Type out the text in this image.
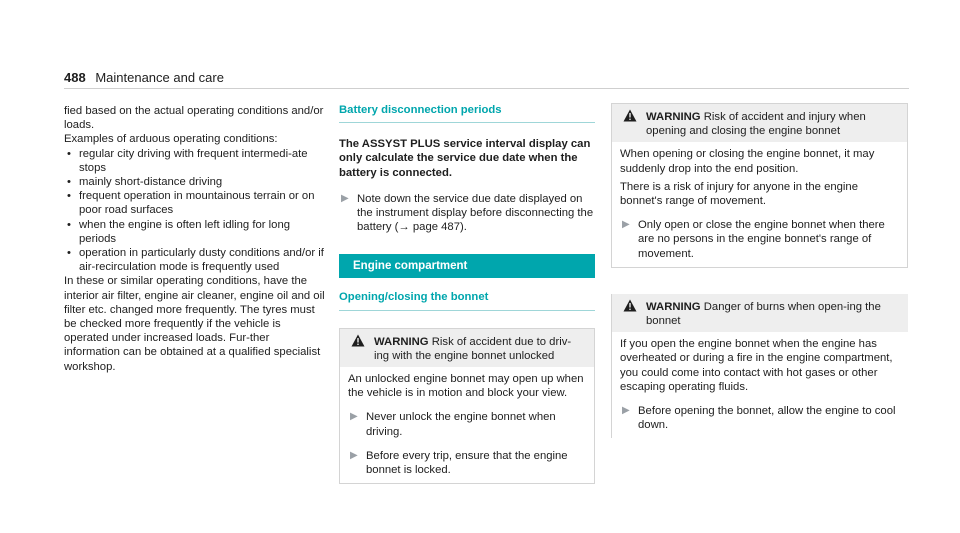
488 Maintenance and care

fied based on the actual operating conditions and/or loads.

Examples of arduous operating conditions:

• regular city driving with frequent intermedi-ate stops
• mainly short-distance driving
• frequent operation in mountainous terrain or on poor road surfaces
• when the engine is often left idling for long periods
• operation in particularly dusty conditions and/or if air-recirculation mode is frequently used

In these or similar operating conditions, have the interior air filter, engine air cleaner, engine oil and oil filter etc. changed more frequently. The tyres must be checked more frequently if the vehicle is operated under increased loads. Fur-ther information can be obtained at a qualified specialist workshop.

Battery disconnection periods

The ASSYST PLUS service interval display can only calculate the service due date when the battery is connected.

▶ Note down the service due date displayed on the instrument display before disconnecting the battery (→ page 487).
Engine compartment
Opening/closing the bonnet
WARNING Risk of accident due to driv-ing with the engine bonnet unlocked

An unlocked engine bonnet may open up when the vehicle is in motion and block your view.

▶ Never unlock the engine bonnet when driving.
▶ Before every trip, ensure that the engine bonnet is locked.
WARNING Risk of accident and injury when opening and closing the engine bonnet

When opening or closing the engine bonnet, it may suddenly drop into the end position.

There is a risk of injury for anyone in the engine bonnet's range of movement.

▶ Only open or close the engine bonnet when there are no persons in the engine bonnet's range of movement.
WARNING Danger of burns when open-ing the bonnet

If you open the engine bonnet when the engine has overheated or during a fire in the engine compartment, you could come into contact with hot gases or other escaping operating fluids.

▶ Before opening the bonnet, allow the engine to cool down.
